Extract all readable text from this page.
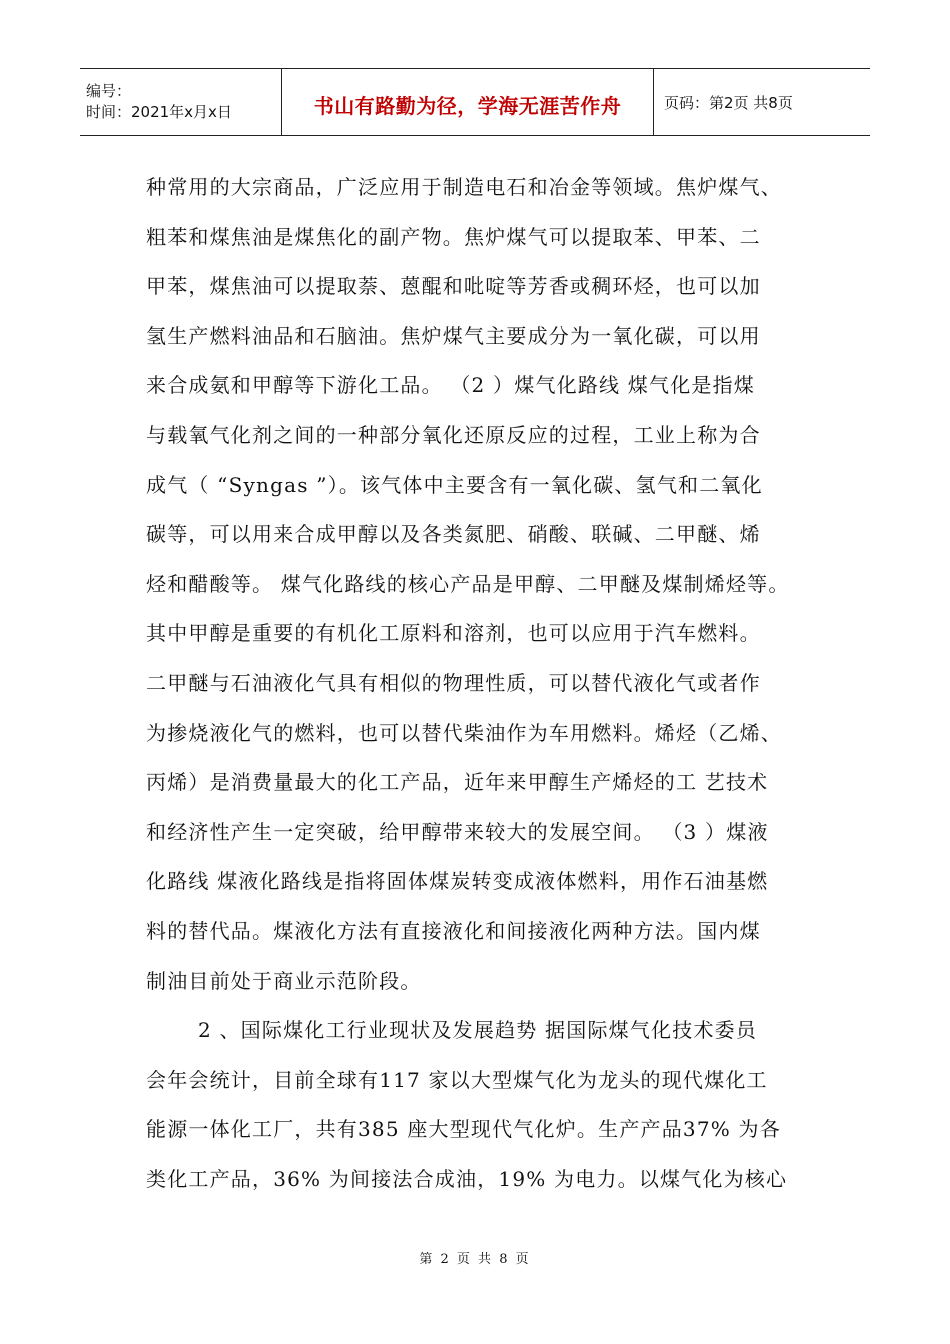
编号：
时间：2021年x月x日	书山有路勤为径，学海无涯苦作舟	页码：第2页 共8页
种常用的大宗商品，广泛应用于制造电石和冶金等领域。焦炉煤气、
粗苯和煤焦油是煤焦化的副产物。焦炉煤气可以提取苯、甲苯、二
甲苯，煤焦油可以提取萘、蒽醌和吡啶等芳香或稠环烃，也可以加
氢生产燃料油品和石脑油。焦炉煤气主要成分为一氧化碳，可以用
来合成氨和甲醇等下游化工品。 （2 ）煤气化路线 煤气化是指煤
与载氧气化剂之间的一种部分氧化还原反应的过程，工业上称为合
成气（ “Syngas ”）。该气体中主要含有一氧化碳、氢气和二氧化
碳等，可以用来合成甲醇以及各类氮肥、硝酸、联碱、二甲醚、烯
烃和醋酸等。 煤气化路线的核心产品是甲醇、二甲醚及煤制烯烃等。
其中甲醇是重要的有机化工原料和溶剂，也可以应用于汽车燃料。
二甲醚与石油液化气具有相似的物理性质，可以替代液化气或者作
为掺烧液化气的燃料，也可以替代柴油作为车用燃料。烯烃（乙烯、
丙烯）是消费量最大的化工产品，近年来甲醇生产烯烃的工 艺技术
和经济性产生一定突破，给甲醇带来较大的发展空间。 （3 ）煤液
化路线 煤液化路线是指将固体煤炭转变成液体燃料，用作石油基燃
料的替代品。煤液化方法有直接液化和间接液化两种方法。国内煤
制油目前处于商业示范阶段。
2 、国际煤化工行业现状及发展趋势 据国际煤气化技术委员
会年会统计，目前全球有117 家以大型煤气化为龙头的现代煤化工
能源一体化工厂，共有385 座大型现代气化炉。生产产品37% 为各
类化工产品，36% 为间接法合成油，19% 为电力。以煤气化为核心
第 2 页 共 8 页
